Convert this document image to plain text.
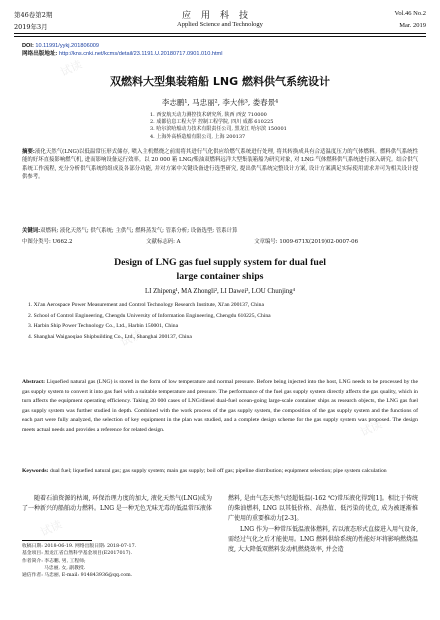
试读
试读
试读
试读
试读
第46卷第2期
2019年3月
应用科技
Applied Science and Technology
Vol.46 No.2
Mar. 2019
DOI: 10.11991/yykj.201806009
网络出版地址: http://kns.cnki.net/kcms/detail/23.1191.U.20180717.0901.010.html
双燃料大型集装箱船 LNG 燃料供气系统设计
李志鹏¹, 马忠丽², 李大伟³, 娄春景⁴
1. 西安航天动力测控技术研究所, 陕西 西安 710000
2. 成都信息工程大学 控制工程学院, 四川 成都 610225
3. 哈尔滨哈船动力技术有限责任公司, 黑龙江 哈尔滨 150001
4. 上海外高桥造船有限公司, 上海 200137
摘要:液化天然气(LNG)以低温常压形式储存, 喷入主机燃烧之前需将其进行气化供应给燃气系统进行处理, 将其转换成具有合适温度压力的气体燃料。燃料供气系统性能的好坏直接影响燃气机, 进而影响设备运行效率。以 20 000 箱 LNG/柴油双燃料远洋大型集装箱船为研究对象, 对 LNG 气体燃料供气系统进行深入研究。结合供气系统工作流程, 充分分析供气系统的组成及各部分功能, 并对方案中关键设备进行选型研究, 提出供气系统完整设计方案, 设计方案满足实际使用需求并可为相关设计提供参考。
关键词:双燃料; 液化天然气; 供气系统; 主供气; 燃料蒸发气; 管系分析; 设备选型; 管系计算
中图分类号: U662.2	文献标志码: A	文章编号: 1009-671X(2019)02-0007-06
Design of LNG gas fuel supply system for dual fuel
large container ships
LI Zhipeng¹, MA Zhongli², LI Dawei³, LOU Chunjing⁴
1. Xi'an Aerospace Power Measurement and Control Technology Research Institute, Xi'an 200137, China
2. School of Control Engineering, Chengdu University of Information Engineering, Chengdu 610225, China
3. Harbin Ship Power Technology Co., Ltd., Harbin 150001, China
4. Shanghai Waigaoqiao Shipbuilding Co., Ltd., Shanghai 200137, China
Abstract: Liquefied natural gas (LNG) is stored in the form of low temperature and normal pressure. Before being injected into the host, LNG needs to be processed by the gas supply system to convert it into gas fuel with a suitable temperature and pressure. The performance of the fuel gas supply system directly affects the gas quality, which in turn affects the equipment operating efficiency. Taking 20 000 cases of LNG/diesel dual-fuel ocean-going large-scale container ships as research objects, the LNG gas fuel gas supply system was further studied in depth. Combined with the work process of the gas supply system, the composition of the gas supply system and the functions of each part were fully analyzed, the selection of key equipment in the plan was studied, and a complete design scheme for the gas supply system was proposed. The design meets actual needs and provides a reference for related design.
Keywords: dual fuel; liquefied natural gas; gas supply system; main gas supply; boil off gas; pipeline distribution; equipment selection; pipe system calculation

随着石油资源的枯竭, 环保治理力度的加大, 液化天然气(LNG)成为了一种新兴的船舶动力燃料。LNG 是一种无色无味无毒的低温常压液体

燃料, 是由气态天然气经超低温(-162 ℃)常压液化得到[1]。相比于传统的柴油燃料, LNG 以其低价格、高热值、低污染的优点, 成为被逐渐推广使用的重要推动力[2-3]。

LNG 作为一种常压低温液体燃料, 若以液态形式直接进入用气设备, 需经过气化之后才能使用。LNG 燃料供给系统的性能好坏将影响燃烧温度, 大大降低双燃料发动机燃烧效率, 并会造

收稿日期: 2018-06-19. 网络出版日期: 2018-07-17.
基金项目: 黑龙江省自然科学基金项目(E2017017).
作者简介: 李志鹏, 男, 工程师;
马忠丽, 女, 副教授.
通信作者: 马忠丽, E-mail: 914843936@qq.com.
